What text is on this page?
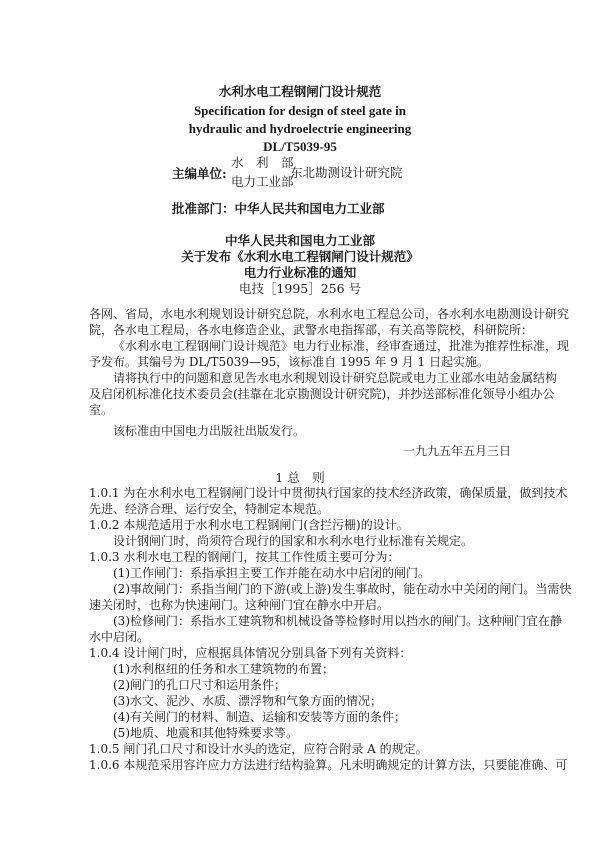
水利水电工程钢闸门设计规范
Specification for design of steel gate in
hydraulic and hydroelectrie engineering
DL/T5039-95
主编单位:
水　利　部
电力工业部
东北勘测设计研究院
批准部门：中华人民共和国电力工业部
中华人民共和国电力工业部
关于发布《水利水电工程钢闸门设计规范》
电力行业标准的通知
电技［1995］256 号
各网、省局，水电水利规划设计研究总院，水利水电工程总公司，各水利水电勘测设计研究
院，各水电工程局，各水电修造企业，武警水电指挥部，有关高等院校，科研院所：
《水利水电工程钢闸门设计规范》电力行业标准，经审查通过，批准为推荐性标准，现
予发布。其编号为 DL/T5039—95，该标准自 1995 年 9 月 1 日起实施。
请将执行中的问题和意见告水电水利规划设计研究总院或电力工业部水电站金属结构
及启闭机标准化技术委员会(挂靠在北京勘测设计研究院)，并抄送部标准化领导小组办公
室。
该标准由中国电力出版社出版发行。
一九九五年五月三日
1 总　则
1.0.1 为在水利水电工程钢闸门设计中贯彻执行国家的技术经济政策，确保质量，做到技术
先进、经济合理、运行安全，特制定本规范。
1.0.2 本规范适用于水利水电工程钢闸门(含拦污栅)的设计。
设计钢闸门时，尚须符合现行的国家和水利水电行业标准有关规定。
1.0.3 水利水电工程的钢闸门，按其工作性质主要可分为：
(1)工作闸门：系指承担主要工作并能在动水中启闭的闸门。
(2)事故闸门：系指当闸门的下游(或上游)发生事故时，能在动水中关闭的闸门。当需快
速关闭时，也称为快速闸门。这种闸门宜在静水中开启。
(3)检修闸门：系指水工建筑物和机械设备等检修时用以挡水的闸门。这种闸门宜在静
水中启闭。
1.0.4 设计闸门时，应根据具体情况分别具备下列有关资料：
(1)水利枢纽的任务和水工建筑物的布置；
(2)闸门的孔口尺寸和运用条件；
(3)水文、泥沙、水质、漂浮物和气象方面的情况；
(4)有关闸门的材料、制造、运输和安装等方面的条件；
(5)地质、地震和其他特殊要求等。
1.0.5 闸门孔口尺寸和设计水头的选定，应符合附录 A 的规定。
1.0.6 本规范采用容许应力方法进行结构验算。凡未明确规定的计算方法，只要能准确、可
